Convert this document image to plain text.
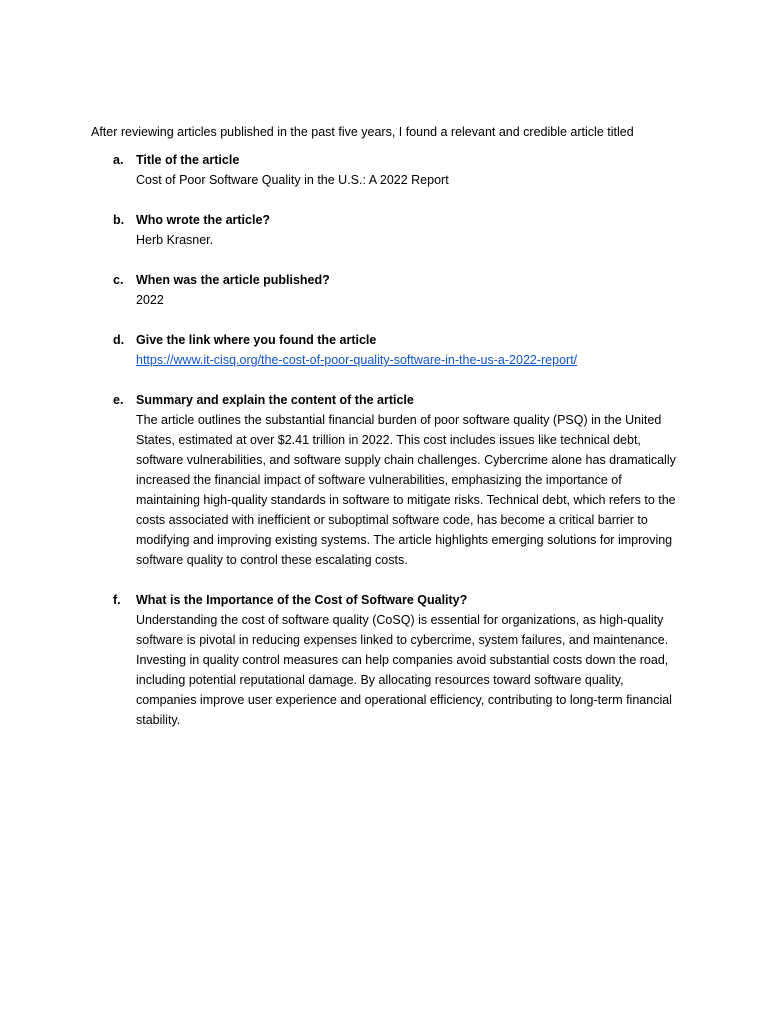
After reviewing articles published in the past five years, I found a relevant and credible article titled
a. Title of the article
Cost of Poor Software Quality in the U.S.: A 2022 Report
b. Who wrote the article?
Herb Krasner.
c. When was the article published?
2022
d. Give the link where you found the article
https://www.it-cisq.org/the-cost-of-poor-quality-software-in-the-us-a-2022-report/
e. Summary and explain the content of the article
The article outlines the substantial financial burden of poor software quality (PSQ) in the United States, estimated at over $2.41 trillion in 2022. This cost includes issues like technical debt, software vulnerabilities, and software supply chain challenges. Cybercrime alone has dramatically increased the financial impact of software vulnerabilities, emphasizing the importance of maintaining high-quality standards in software to mitigate risks. Technical debt, which refers to the costs associated with inefficient or suboptimal software code, has become a critical barrier to modifying and improving existing systems. The article highlights emerging solutions for improving software quality to control these escalating costs.
f. What is the Importance of the Cost of Software Quality?
Understanding the cost of software quality (CoSQ) is essential for organizations, as high-quality software is pivotal in reducing expenses linked to cybercrime, system failures, and maintenance. Investing in quality control measures can help companies avoid substantial costs down the road, including potential reputational damage. By allocating resources toward software quality, companies improve user experience and operational efficiency, contributing to long-term financial stability.
